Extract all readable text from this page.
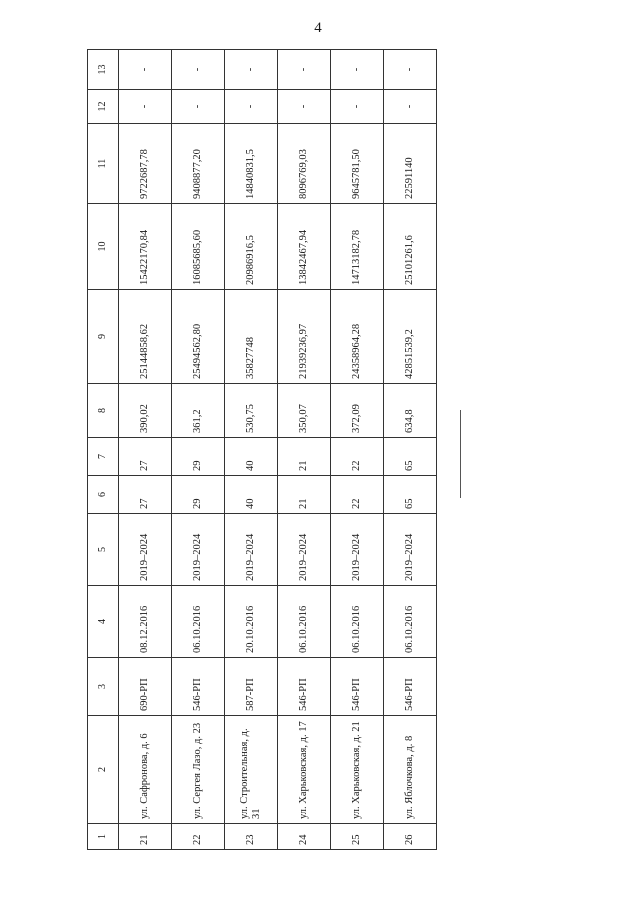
4
1	2	3	4	5	6	7	8	9	10	11	12	13
21	ул. Сафронова, д. 6	690-РП	08.12.2016	2019–2024	27	27	390,02	25144858,62	15422170,84	9722687,78	-	-
22	ул. Сергея Лазо, д. 23	546-РП	06.10.2016	2019–2024	29	29	361,2	25494562,80	16085685,60	9408877,20	-	-
23	ул. Строительная, д. 31	587-РП	20.10.2016	2019–2024	40	40	530,75	35827748	20986916,5	14840831,5	-	-
24	ул. Харьковская, д. 17	546-РП	06.10.2016	2019–2024	21	21	350,07	21939236,97	13842467,94	8096769,03	-	-
25	ул. Харьковская, д. 21	546-РП	06.10.2016	2019–2024	22	22	372,09	24358964,28	14713182,78	9645781,50	-	-
26	ул. Яблочкова, д. 8	546-РП	06.10.2016	2019–2024	65	65	634,8	42851539,2	25101261,6	22591140	-	-
